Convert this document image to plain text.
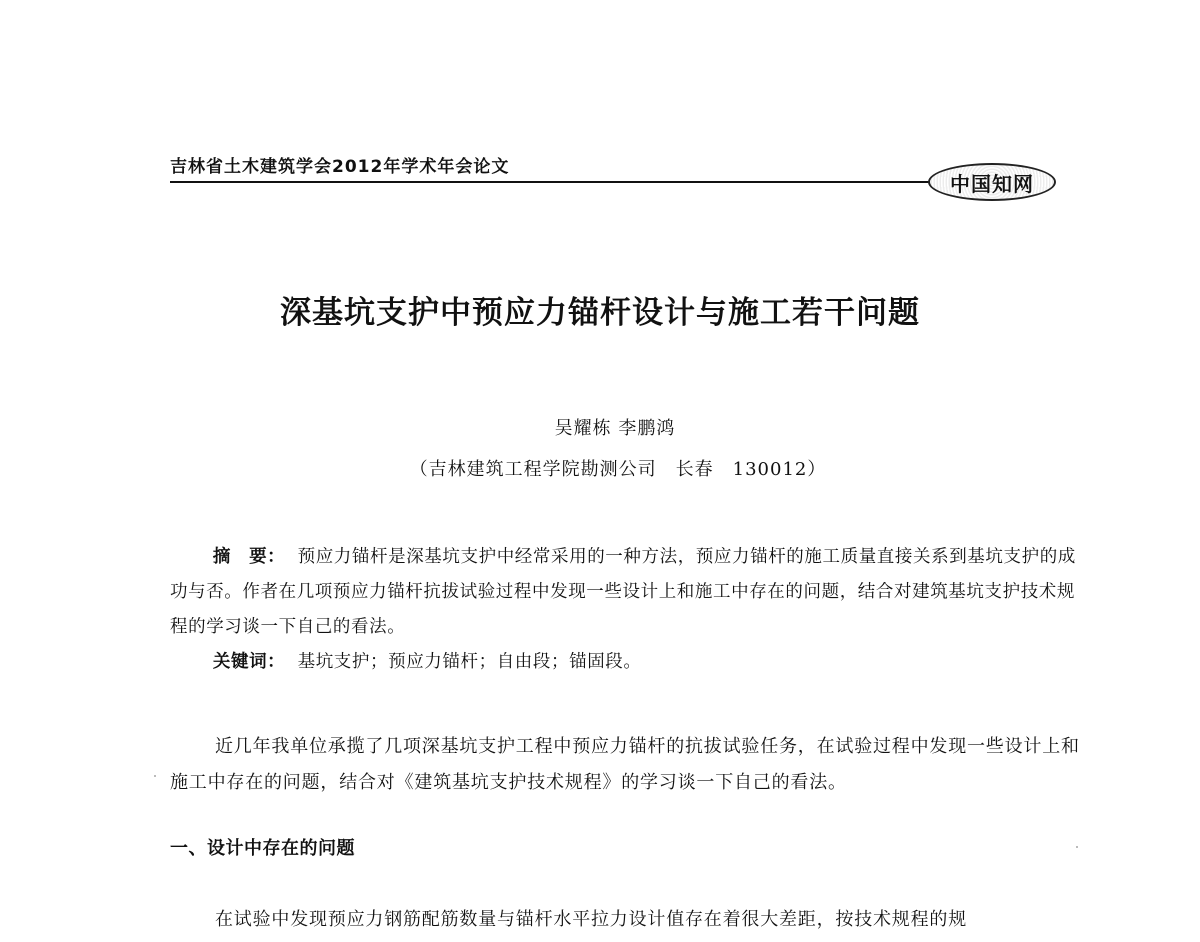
吉林省土木建筑学会2012年学术年会论文
中国知网
深基坑支护中预应力锚杆设计与施工若干问题
吴耀栋 李鹏鸿
（吉林建筑工程学院勘测公司　长春　130012）

摘　要： 预应力锚杆是深基坑支护中经常采用的一种方法，预应力锚杆的施工质量直接关系到基坑支护的成功与否。作者在几项预应力锚杆抗拔试验过程中发现一些设计上和施工中存在的问题，结合对建筑基坑支护技术规程的学习谈一下自己的看法。

关键词： 基坑支护；预应力锚杆；自由段；锚固段。

近几年我单位承揽了几项深基坑支护工程中预应力锚杆的抗拔试验任务，在试验过程中发现一些设计上和施工中存在的问题，结合对《建筑基坑支护技术规程》的学习谈一下自己的看法。

一、设计中存在的问题

在试验中发现预应力钢筋配筋数量与锚杆水平拉力设计值存在着很大差距，按技术规程的规
